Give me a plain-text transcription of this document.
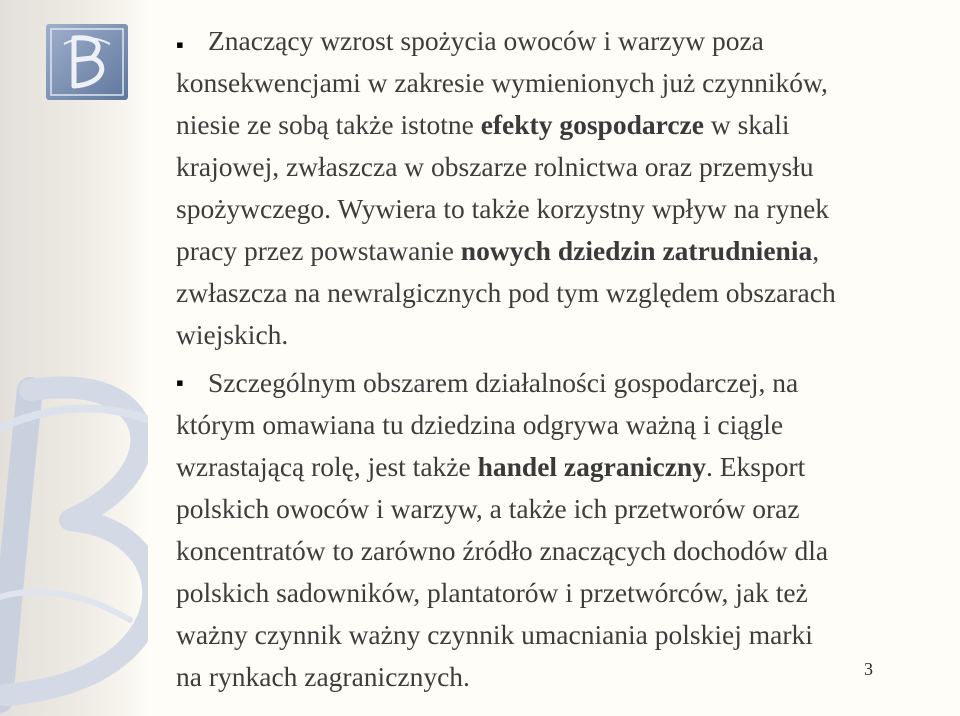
▪ Znaczący wzrost spożycia owoców i warzyw poza
konsekwencjami w zakresie wymienionych już czynników,
niesie ze sobą także istotne efekty gospodarcze w skali
krajowej, zwłaszcza w obszarze rolnictwa oraz przemysłu
spożywczego. Wywiera to także korzystny wpływ na rynek
pracy przez powstawanie nowych dziedzin zatrudnienia,
zwłaszcza na newralgicznych pod tym względem obszarach
wiejskich.
▪ Szczególnym obszarem działalności gospodarczej, na
którym omawiana tu dziedzina odgrywa ważną i ciągle
wzrastającą rolę, jest także handel zagraniczny. Eksport
polskich owoców i warzyw, a także ich przetworów oraz
koncentratów to zarówno źródło znaczących dochodów dla
polskich sadowników, plantatorów i przetwórców, jak też
ważny czynnik ważny czynnik umacniania polskiej marki
na rynkach zagranicznych.	3
